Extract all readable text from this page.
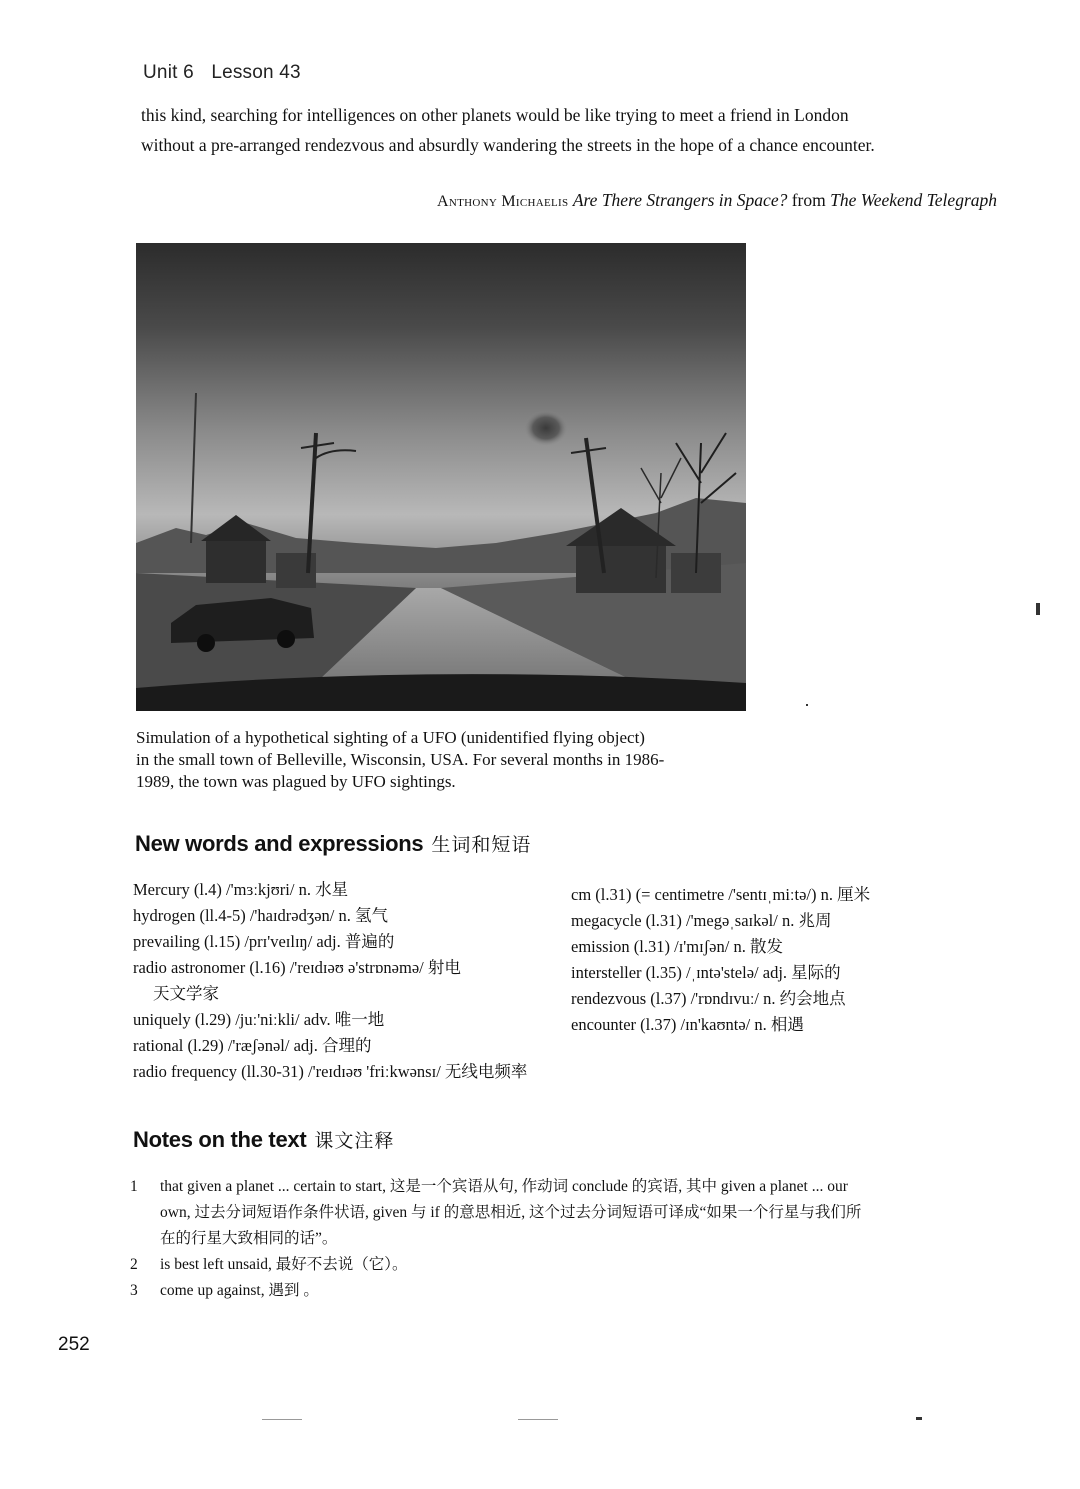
Unit 6 Lesson 43
this kind, searching for intelligences on other planets would be like trying to meet a friend in London
without a pre-arranged rendezvous and absurdly wandering the streets in the hope of a chance encounter.
Anthony Michaelis Are There Strangers in Space? from The Weekend Telegraph
Simulation of a hypothetical sighting of a UFO (unidentified flying object)
in the small town of Belleville, Wisconsin, USA. For several months in 1986-
1989, the town was plagued by UFO sightings.
New words and expressions 生词和短语
Mercury (l.4) /'mɜːkjʊri/ n. 水星
hydrogen (ll.4-5) /'haɪdrədʒən/ n. 氢气
prevailing (l.15) /prɪ'veɪlɪŋ/ adj. 普遍的
radio astronomer (l.16) /'reɪdɪəʊ ə'strɒnəmə/ 射电
天文学家
uniquely (l.29) /juː'niːkli/ adv. 唯一地
rational (l.29) /'ræʃənəl/ adj. 合理的
radio frequency (ll.30-31) /'reɪdɪəʊ 'friːkwənsɪ/ 无线电频率
cm (l.31) (= centimetre /'sentɪˌmiːtə/) n. 厘米
megacycle (l.31) /'megəˌsaɪkəl/ n. 兆周
emission (l.31) /ɪ'mɪʃən/ n. 散发
intersteller (l.35) /ˌɪntə'stelə/ adj. 星际的
rendezvous (l.37) /'rɒndɪvuː/ n. 约会地点
encounter (l.37) /ɪn'kaʊntə/ n. 相遇
Notes on the text 课文注释
1 that given a planet ... certain to start, 这是一个宾语从句, 作动词 conclude 的宾语, 其中 given a planet ... our
own, 过去分词短语作条件状语, given 与 if 的意思相近, 这个过去分词短语可译成“如果一个行星与我们所
在的行星大致相同的话”。
2 is best left unsaid, 最好不去说（它）。
3 come up against, 遇到 。
252
